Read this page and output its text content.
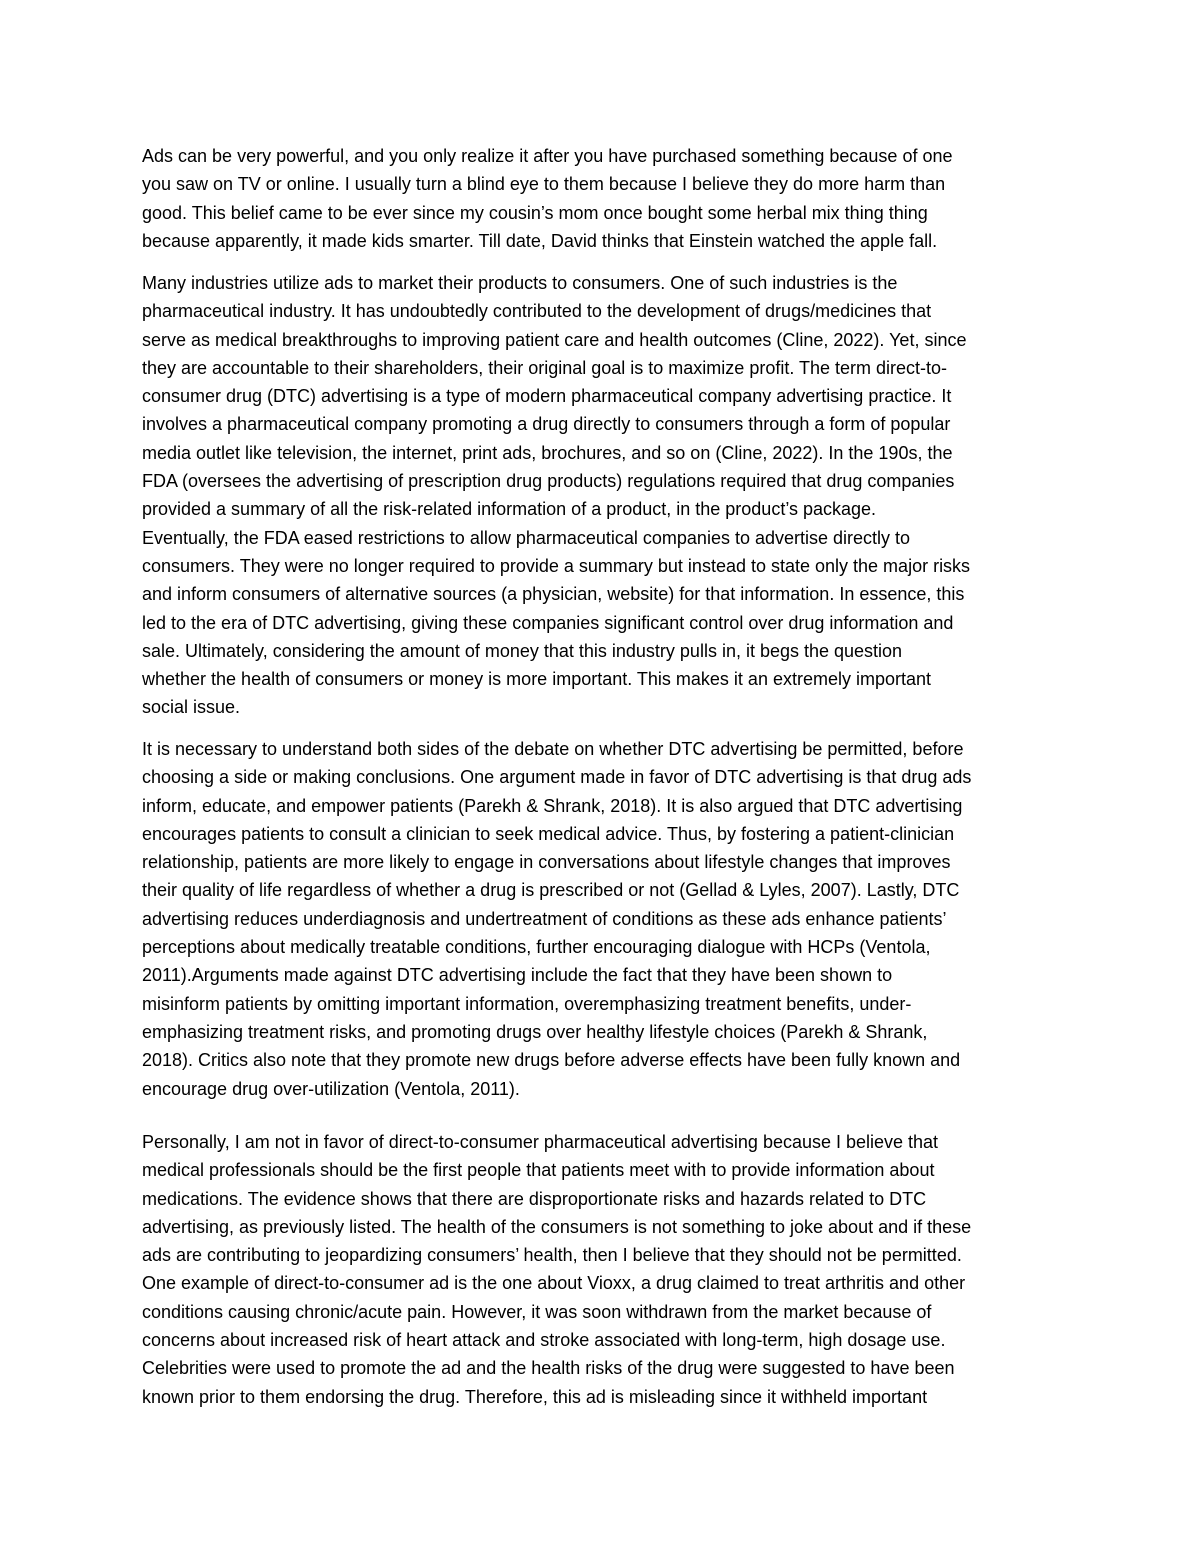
Ads can be very powerful, and you only realize it after you have purchased something because of one
you saw on TV or online. I usually turn a blind eye to them because I believe they do more harm than
good. This belief came to be ever since my cousin’s mom once bought some herbal mix thing thing
because apparently, it made kids smarter. Till date, David thinks that Einstein watched the apple fall.
Many industries utilize ads to market their products to consumers. One of such industries is the
pharmaceutical industry. It has undoubtedly contributed to the development of drugs/medicines that
serve as medical breakthroughs to improving patient care and health outcomes (Cline, 2022). Yet, since
they are accountable to their shareholders, their original goal is to maximize profit. The term direct-to-
consumer drug (DTC) advertising is a type of modern pharmaceutical company advertising practice. It
involves a pharmaceutical company promoting a drug directly to consumers through a form of popular
media outlet like television, the internet, print ads, brochures, and so on (Cline, 2022). In the 190s, the
FDA (oversees the advertising of prescription drug products) regulations required that drug companies
provided a summary of all the risk-related information of a product, in the product’s package.
Eventually, the FDA eased restrictions to allow pharmaceutical companies to advertise directly to
consumers. They were no longer required to provide a summary but instead to state only the major risks
and inform consumers of alternative sources (a physician, website) for that information. In essence, this
led to the era of DTC advertising, giving these companies significant control over drug information and
sale. Ultimately, considering the amount of money that this industry pulls in, it begs the question
whether the health of consumers or money is more important. This makes it an extremely important
social issue.
It is necessary to understand both sides of the debate on whether DTC advertising be permitted, before
choosing a side or making conclusions. One argument made in favor of DTC advertising is that drug ads
inform, educate, and empower patients (Parekh & Shrank, 2018). It is also argued that DTC advertising
encourages patients to consult a clinician to seek medical advice. Thus, by fostering a patient-clinician
relationship, patients are more likely to engage in conversations about lifestyle changes that improves
their quality of life regardless of whether a drug is prescribed or not (Gellad & Lyles, 2007). Lastly, DTC
advertising reduces underdiagnosis and undertreatment of conditions as these ads enhance patients’
perceptions about medically treatable conditions, further encouraging dialogue with HCPs (Ventola,
2011).Arguments made against DTC advertising include the fact that they have been shown to
misinform patients by omitting important information, overemphasizing treatment benefits, under-
emphasizing treatment risks, and promoting drugs over healthy lifestyle choices (Parekh & Shrank,
2018). Critics also note that they promote new drugs before adverse effects have been fully known and
encourage drug over-utilization (Ventola, 2011).
Personally, I am not in favor of direct-to-consumer pharmaceutical advertising because I believe that
medical professionals should be the first people that patients meet with to provide information about
medications. The evidence shows that there are disproportionate risks and hazards related to DTC
advertising, as previously listed. The health of the consumers is not something to joke about and if these
ads are contributing to jeopardizing consumers’ health, then I believe that they should not be permitted.
One example of direct-to-consumer ad is the one about Vioxx, a drug claimed to treat arthritis and other
conditions causing chronic/acute pain. However, it was soon withdrawn from the market because of
concerns about increased risk of heart attack and stroke associated with long-term, high dosage use.
Celebrities were used to promote the ad and the health risks of the drug were suggested to have been
known prior to them endorsing the drug. Therefore, this ad is misleading since it withheld important
